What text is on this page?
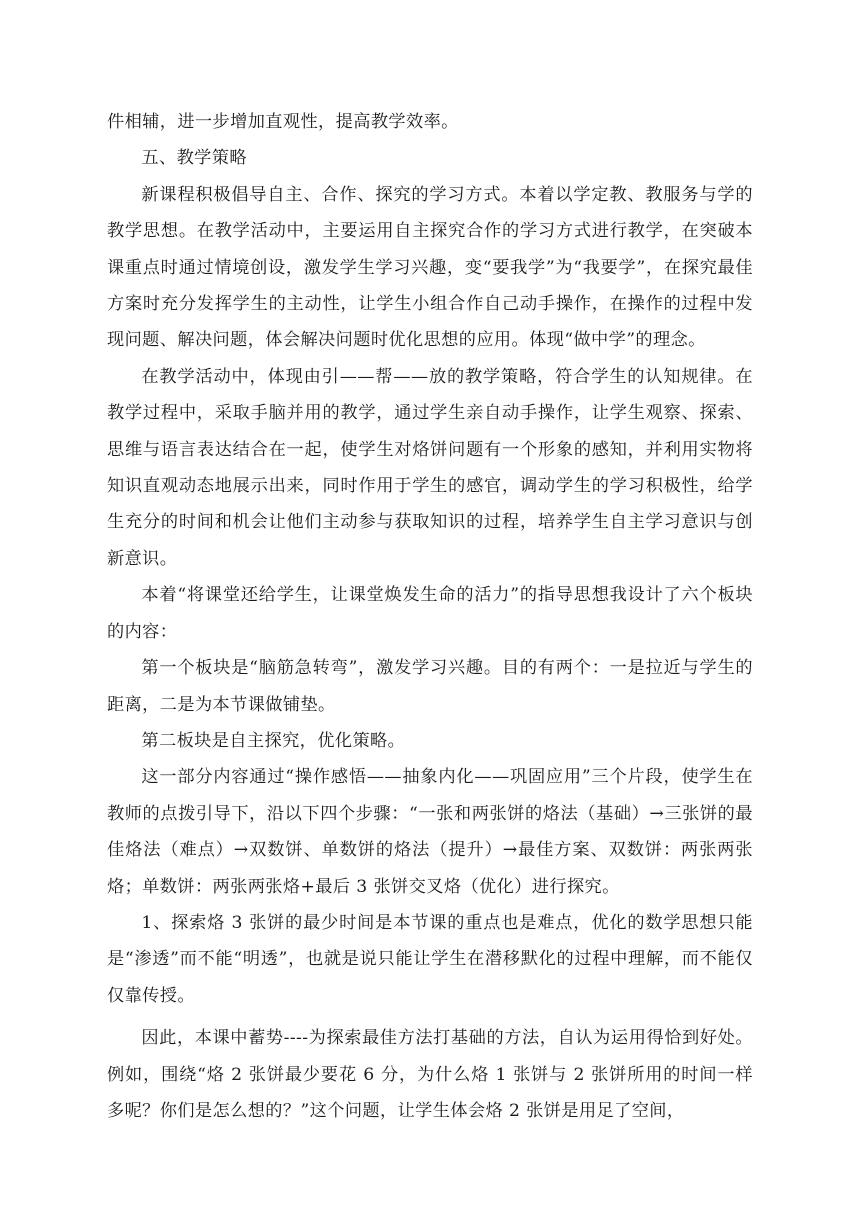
件相辅，进一步增加直观性，提高教学效率。

五、教学策略

新课程积极倡导自主、合作、探究的学习方式。本着以学定教、教服务与学的教学思想。在教学活动中，主要运用自主探究合作的学习方式进行教学，在突破本课重点时通过情境创设，激发学生学习兴趣，变“要我学”为“我要学”，在探究最佳方案时充分发挥学生的主动性，让学生小组合作自己动手操作，在操作的过程中发现问题、解决问题，体会解决问题时优化思想的应用。体现“做中学”的理念。

在教学活动中，体现由引——帮——放的教学策略，符合学生的认知规律。在教学过程中，采取手脑并用的教学，通过学生亲自动手操作，让学生观察、探索、思维与语言表达结合在一起，使学生对烙饼问题有一个形象的感知，并利用实物将知识直观动态地展示出来，同时作用于学生的感官，调动学生的学习积极性，给学生充分的时间和机会让他们主动参与获取知识的过程，培养学生自主学习意识与创新意识。

本着“将课堂还给学生，让课堂焕发生命的活力”的指导思想我设计了六个板块的内容：

第一个板块是“脑筋急转弯”，激发学习兴趣。目的有两个：一是拉近与学生的距离，二是为本节课做铺垫。

第二板块是自主探究，优化策略。

这一部分内容通过“操作感悟——抽象内化——巩固应用”三个片段，使学生在教师的点拨引导下，沿以下四个步骤：“一张和两张饼的烙法（基础）→三张饼的最佳烙法（难点）→双数饼、单数饼的烙法（提升）→最佳方案、双数饼：两张两张烙；单数饼：两张两张烙+最后 3 张饼交叉烙（优化）进行探究。

1、探索烙 3 张饼的最少时间是本节课的重点也是难点，优化的数学思想只能是“渗透”而不能“明透”，也就是说只能让学生在潜移默化的过程中理解，而不能仅仅靠传授。

因此，本课中蓄势----为探索最佳方法打基础的方法，自认为运用得恰到好处。例如，围绕“烙 2 张饼最少要花 6 分，为什么烙 1 张饼与 2 张饼所用的时间一样多呢？你们是怎么想的？”这个问题，让学生体会烙 2 张饼是用足了空间，
